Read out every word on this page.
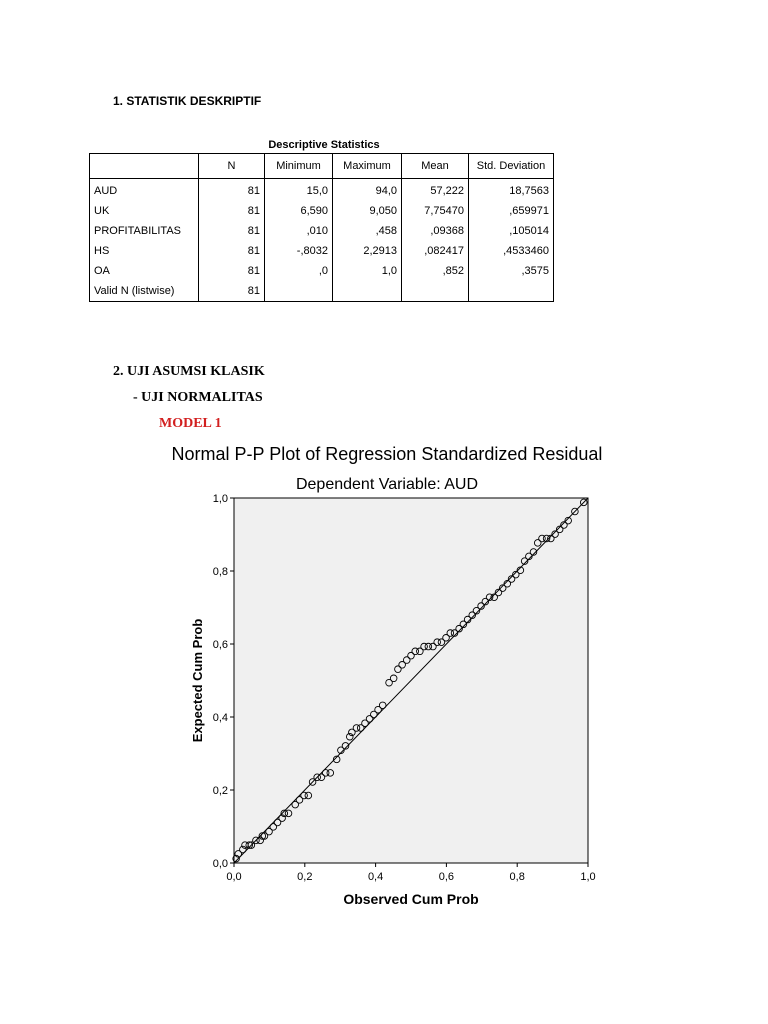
1. STATISTIK DESKRIPTIF
Descriptive Statistics
	N	Minimum	Maximum	Mean	Std. Deviation
AUD	81	15,0	94,0	57,222	18,7563
UK	81	6,590	9,050	7,75470	,659971
PROFITABILITAS	81	,010	,458	,09368	,105014
HS	81	-,8032	2,2913	,082417	,4533460
OA	81	,0	1,0	,852	,3575
Valid N (listwise)	81				
2. UJI ASUMSI KLASIK
- UJI NORMALITAS
MODEL 1
Normal P-P Plot of Regression Standardized Residual
Dependent Variable: AUD
0,0
0,0
0,2
0,2
0,4
0,4
0,6
0,6
0,8
0,8
1,0
1,0
Observed Cum Prob
Expected Cum Prob
